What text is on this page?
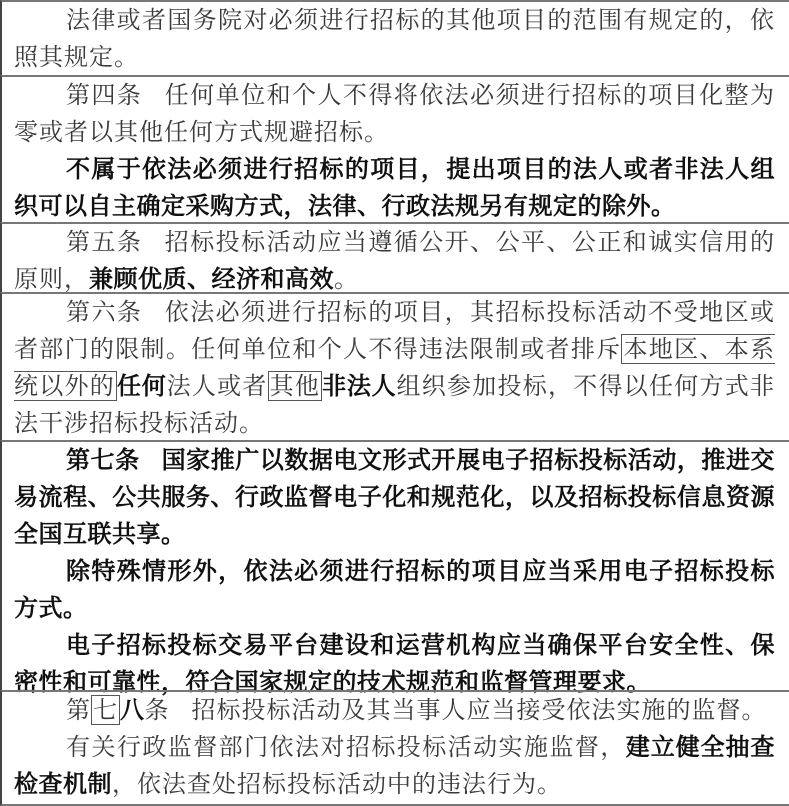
法律或者国务院对必须进行招标的其他项目的范围有规定的，依照其规定。

第四条 任何单位和个人不得将依法必须进行招标的项目化整为零或者以其他任何方式规避招标。

不属于依法必须进行招标的项目，提出项目的法人或者非法人组织可以自主确定采购方式，法律、行政法规另有规定的除外。

第五条 招标投标活动应当遵循公开、公平、公正和诚实信用的原则，兼顾优质、经济和高效。

第六条 依法必须进行招标的项目，其招标投标活动不受地区或者部门的限制。任何单位和个人不得违法限制或者排斥本地区、本系统以外的任何法人或者其他非法人组织参加投标，不得以任何方式非法干涉招标投标活动。

第七条 国家推广以数据电文形式开展电子招标投标活动，推进交易流程、公共服务、行政监督电子化和规范化，以及招标投标信息资源全国互联共享。

除特殊情形外，依法必须进行招标的项目应当采用电子招标投标方式。

电子招标投标交易平台建设和运营机构应当确保平台安全性、保密性和可靠性，符合国家规定的技术规范和监督管理要求。

第七八条 招标投标活动及其当事人应当接受依法实施的监督。

有关行政监督部门依法对招标投标活动实施监督，建立健全抽查检查机制，依法查处招标投标活动中的违法行为。
